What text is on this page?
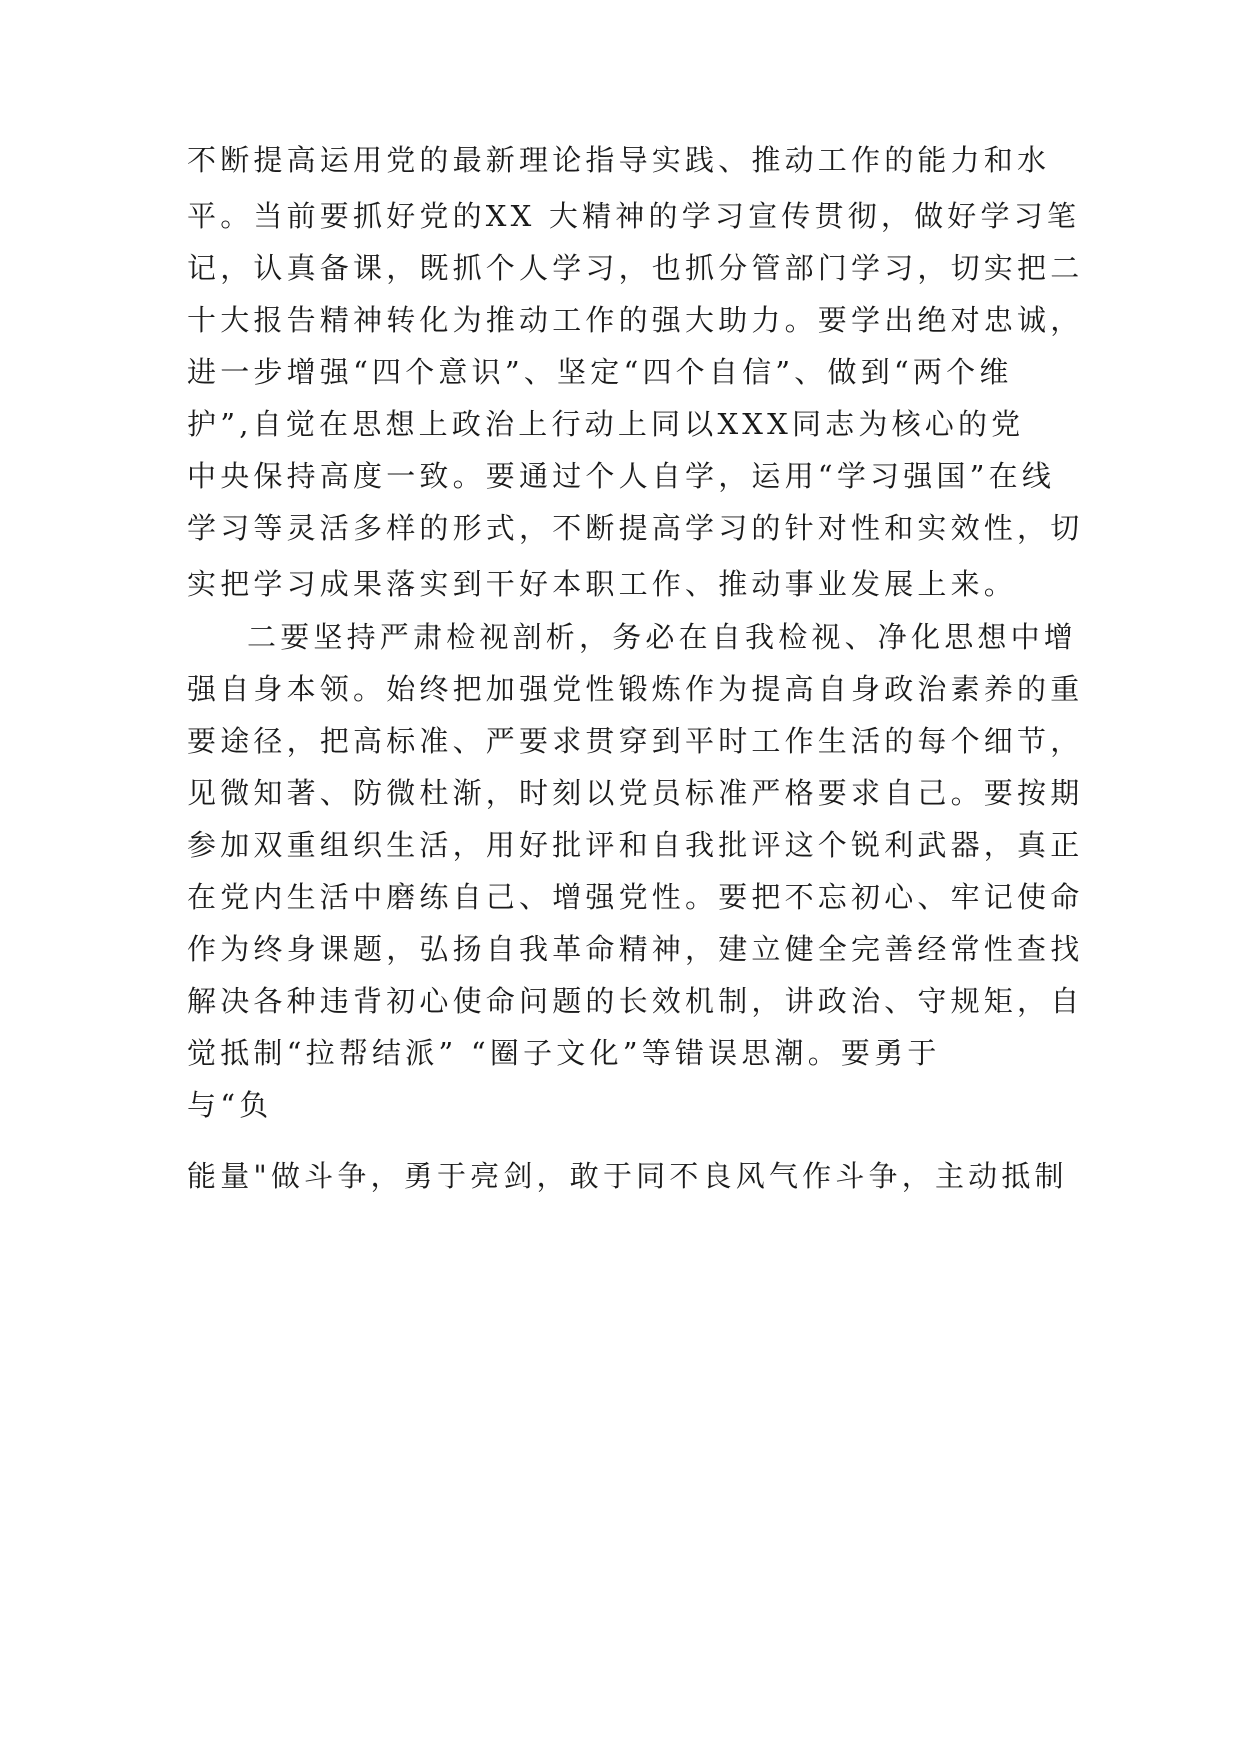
不断提高运用党的最新理论指导实践、推动工作的能力和水
平。当前要抓好党的XX 大精神的学习宣传贯彻，做好学习笔
记，认真备课，既抓个人学习，也抓分管部门学习，切实把二
十大报告精神转化为推动工作的强大助力。要学出绝对忠诚，
进一步增强“四个意识”、坚定“四个自信”、做到“两个维
护”,自觉在思想上政治上行动上同以XXX同志为核心的党
中央保持高度一致。要通过个人自学，运用“学习强国”在线
学习等灵活多样的形式，不断提高学习的针对性和实效性，切
实把学习成果落实到干好本职工作、推动事业发展上来。
二要坚持严肃检视剖析，务必在自我检视、净化思想中增
强自身本领。始终把加强党性锻炼作为提高自身政治素养的重
要途径，把高标准、严要求贯穿到平时工作生活的每个细节，
见微知著、防微杜渐，时刻以党员标准严格要求自己。要按期
参加双重组织生活，用好批评和自我批评这个锐利武器，真正
在党内生活中磨练自己、增强党性。要把不忘初心、牢记使命
作为终身课题，弘扬自我革命精神，建立健全完善经常性查找
解决各种违背初心使命问题的长效机制，讲政治、守规矩，自
觉抵制“拉帮结派” “圈子文化”等错误思潮。要勇于
与“负
能量"做斗争，勇于亮剑，敢于同不良风气作斗争，主动抵制
